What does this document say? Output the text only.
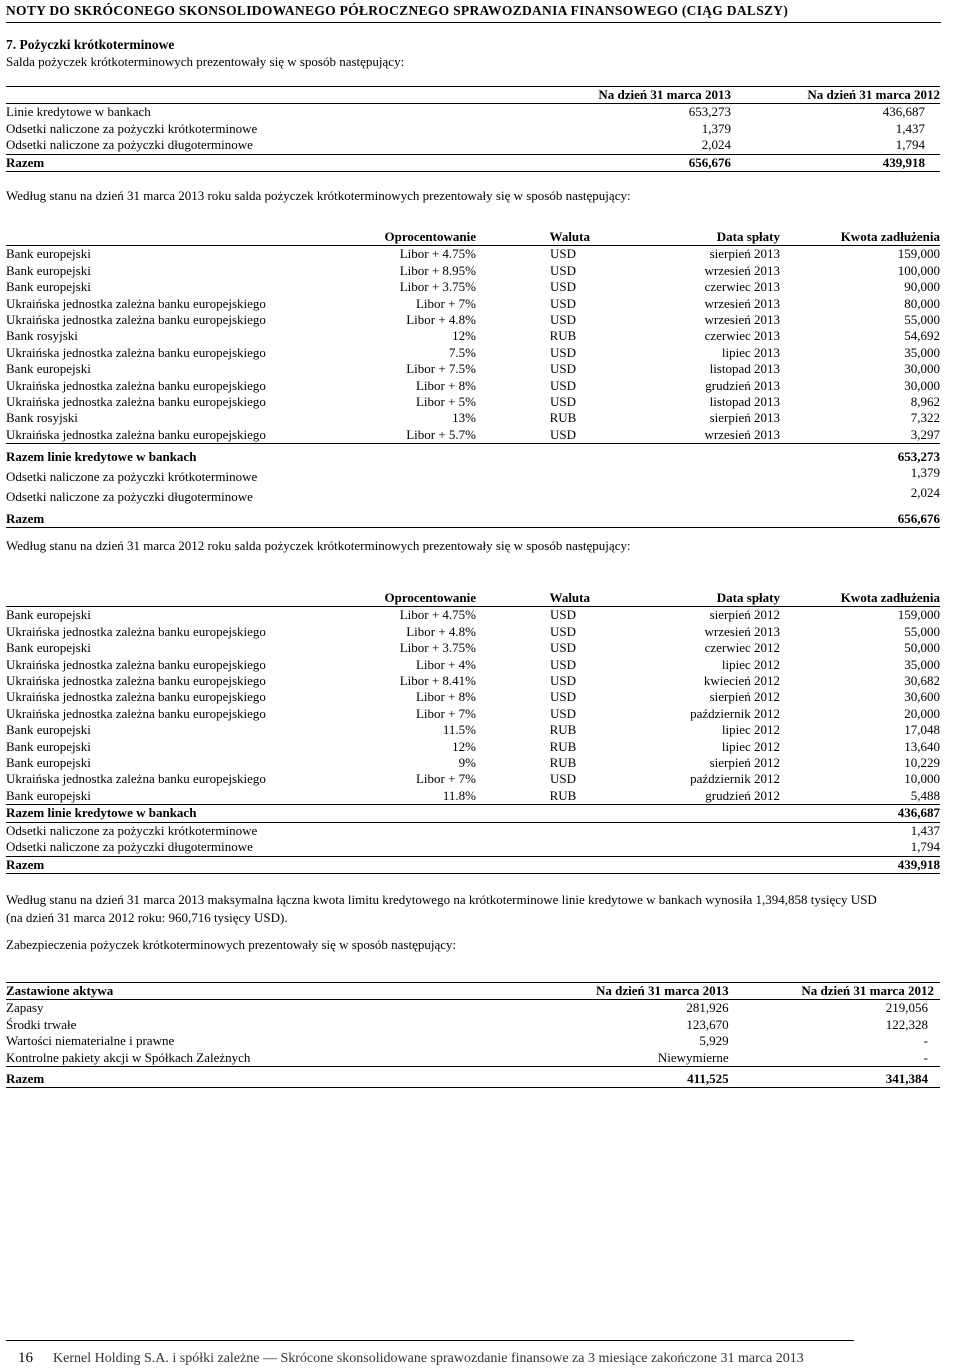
NOTY DO SKRÓCONEGO SKONSOLIDOWANEGO PÓŁROCZNEGO SPRAWOZDANIA FINANSOWEGO (CIĄG DALSZY)
7. Pożyczki krótkoterminowe
Salda pożyczek krótkoterminowych prezentowały się w sposób następujący:
	Na dzień 31 marca 2013	Na dzień 31 marca 2012
Linie kredytowe w bankach	653,273	436,687
Odsetki naliczone za pożyczki krótkoterminowe	1,379	1,437
Odsetki naliczone za pożyczki długoterminowe	2,024	1,794
Razem	656,676	439,918
Według stanu na dzień 31 marca 2013 roku salda pożyczek krótkoterminowych prezentowały się w sposób następujący:
	Oprocentowanie	Waluta	Data spłaty	Kwota zadłużenia
Bank europejski	Libor + 4.75%	USD	sierpień 2013	159,000
Bank europejski	Libor + 8.95%	USD	wrzesień 2013	100,000
Bank europejski	Libor + 3.75%	USD	czerwiec 2013	90,000
Ukraińska jednostka zależna banku europejskiego	Libor + 7%	USD	wrzesień 2013	80,000
Ukraińska jednostka zależna banku europejskiego	Libor + 4.8%	USD	wrzesień 2013	55,000
Bank rosyjski	12%	RUB	czerwiec 2013	54,692
Ukraińska jednostka zależna banku europejskiego	7.5%	USD	lipiec 2013	35,000
Bank europejski	Libor + 7.5%	USD	listopad 2013	30,000
Ukraińska jednostka zależna banku europejskiego	Libor + 8%	USD	grudzień 2013	30,000
Ukraińska jednostka zależna banku europejskiego	Libor + 5%	USD	listopad 2013	8,962
Bank rosyjski	13%	RUB	sierpień 2013	7,322
Ukraińska jednostka zależna banku europejskiego	Libor + 5.7%	USD	wrzesień 2013	3,297
Razem linie kredytowe w bankach				653,273
Odsetki naliczone za pożyczki krótkoterminowe				1,379
Odsetki naliczone za pożyczki długoterminowe				2,024
Razem				656,676
Według stanu na dzień 31 marca 2012 roku salda pożyczek krótkoterminowych prezentowały się w sposób następujący:
	Oprocentowanie	Waluta	Data spłaty	Kwota zadłużenia
Bank europejski	Libor + 4.75%	USD	sierpień 2012	159,000
Ukraińska jednostka zależna banku europejskiego	Libor + 4.8%	USD	wrzesień 2013	55,000
Bank europejski	Libor + 3.75%	USD	czerwiec 2012	50,000
Ukraińska jednostka zależna banku europejskiego	Libor + 4%	USD	lipiec 2012	35,000
Ukraińska jednostka zależna banku europejskiego	Libor + 8.41%	USD	kwiecień 2012	30,682
Ukraińska jednostka zależna banku europejskiego	Libor + 8%	USD	sierpień 2012	30,600
Ukraińska jednostka zależna banku europejskiego	Libor + 7%	USD	październik 2012	20,000
Bank europejski	11.5%	RUB	lipiec 2012	17,048
Bank europejski	12%	RUB	lipiec 2012	13,640
Bank europejski	9%	RUB	sierpień 2012	10,229
Ukraińska jednostka zależna banku europejskiego	Libor + 7%	USD	październik 2012	10,000
Bank europejski	11.8%	RUB	grudzień 2012	5,488
Razem linie kredytowe w bankach				436,687
Odsetki naliczone za pożyczki krótkoterminowe				1,437
Odsetki naliczone za pożyczki długoterminowe				1,794
Razem				439,918
Według stanu na dzień 31 marca 2013 maksymalna łączna kwota limitu kredytowego na krótkoterminowe linie kredytowe w bankach wynosiła 1,394,858 tysięcy USD
(na dzień 31 marca 2012 roku: 960,716 tysięcy USD).
Zabezpieczenia pożyczek krótkoterminowych prezentowały się w sposób następujący:
Zastawione aktywa	Na dzień 31 marca 2013	Na dzień 31 marca 2012
Zapasy	281,926	219,056
Środki trwałe	123,670	122,328
Wartości niematerialne i prawne	5,929	-
Kontrolne pakiety akcji w Spółkach Zależnych	Niewymierne	-
Razem	411,525	341,384
16 Kernel Holding S.A. i spółki zależne — Skrócone skonsolidowane sprawozdanie finansowe za 3 miesiące zakończone 31 marca 2013
